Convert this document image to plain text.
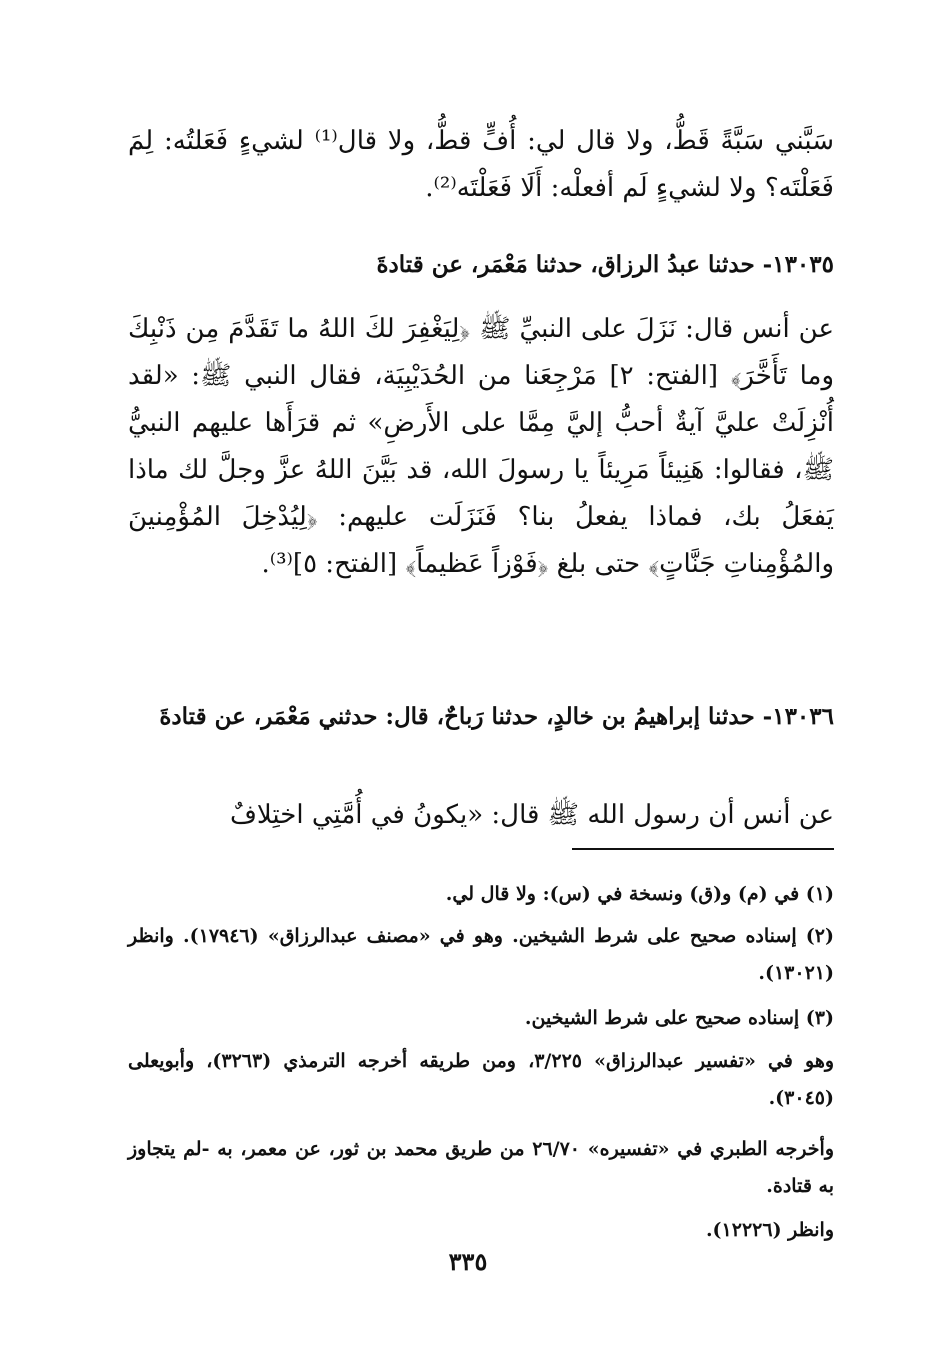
سَبَّني سَبَّةً قَطُّ، ولا قال لي: أُفٍّ قطُّ، ولا قال⁽¹⁾ لشيءٍ فَعَلتُه: لِمَ فَعَلْتَه؟ ولا لشيءٍ لَم أفعلْه: أَلَا فَعَلْتَه⁽²⁾.

١٣٠٣٥- حدثنا عبدُ الرزاق، حدثنا مَعْمَر، عن قتادةَ

عن أنس قال: نَزَلَ على النبيِّ ﷺ ﴿لِيَغْفِرَ لكَ اللهُ ما تَقَدَّمَ مِن ذَنْبِكَ وما تَأَخَّرَ﴾ [الفتح: ٢] مَرْجِعَنا من الحُدَيْبِيَة، فقال النبي ﷺ: «لقد أُنْزِلَتْ عليَّ آيةٌ أحبُّ إليَّ مِمَّا على الأَرضِ» ثم قرَأَها عليهم النبيُّ ﷺ، فقالوا: هَنِيئاً مَرِيئاً يا رسولَ الله، قد بَيَّنَ اللهُ عزَّ وجلَّ لك ماذا يَفعَلُ بك، فماذا يفعلُ بنا؟ فَنَزَلَت عليهم: ﴿لِيُدْخِلَ المُؤْمِنينَ والمُؤْمِناتِ جَنَّاتٍ﴾ حتى بلغ ﴿فَوْزاً عَظيماً﴾ [الفتح: ٥]⁽³⁾.

١٣٠٣٦- حدثنا إبراهيمُ بن خالدٍ، حدثنا رَباحٌ، قال: حدثني مَعْمَر، عن قتادةَ

عن أنس أن رسول الله ﷺ قال: «يكونُ في أُمَّتِي اختِلافٌ

(١) في (م) و(ق) ونسخة في (س): ولا قال لي.

(٢) إسناده صحيح على شرط الشيخين. وهو في «مصنف عبدالرزاق» (١٧٩٤٦). وانظر (١٣٠٢١).

(٣) إسناده صحيح على شرط الشيخين.

وهو في «تفسير عبدالرزاق» ٣/٢٢٥، ومن طريقه أخرجه الترمذي (٣٢٦٣)، وأبويعلى (٣٠٤٥).

وأخرجه الطبري في «تفسيره» ٢٦/٧٠ من طريق محمد بن ثور، عن معمر، به -لم يتجاوز به قتادة.

وانظر (١٢٢٢٦).

٣٣٥
